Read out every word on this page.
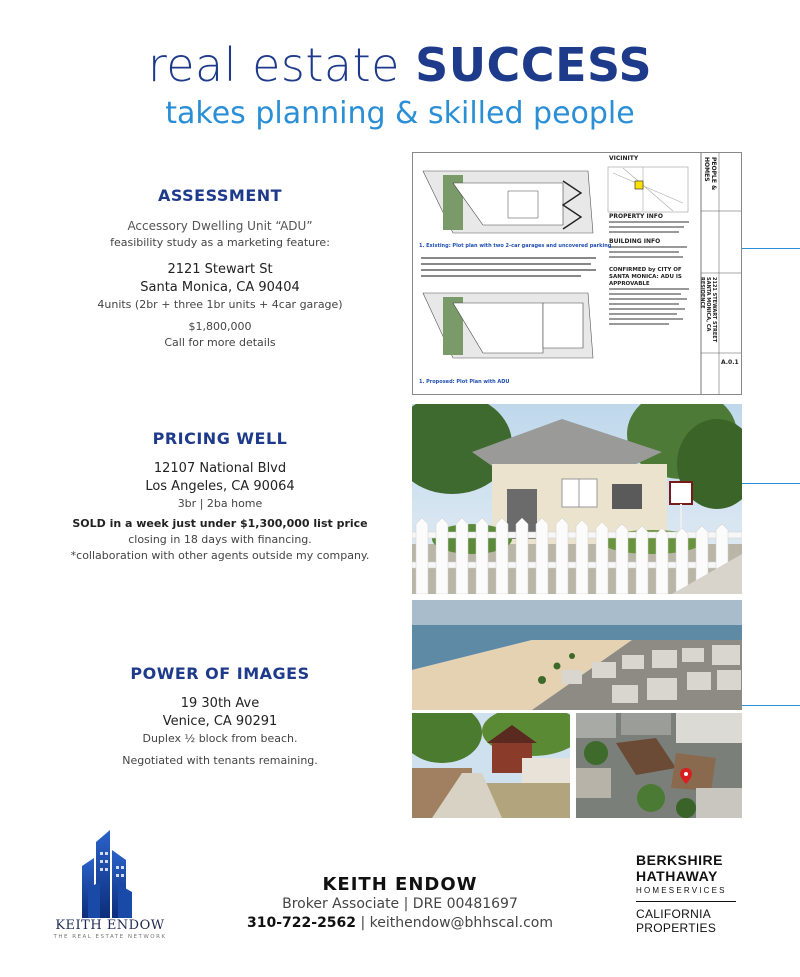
real estate SUCCESS
takes planning & skilled people
ASSESSMENT
Accessory Dwelling Unit “ADU”
feasibility study as a marketing feature:
2121 Stewart St
Santa Monica, CA 90404
4units (2br + three 1br units + 4car garage)
$1,800,000
Call for more details
PRICING WELL
12107 National Blvd
Los Angeles, CA 90064
3br | 2ba home
SOLD in a week just under $1,300,000 list price
closing in 18 days with financing.
*collaboration with other agents outside my company.
POWER OF IMAGES
19 30th Ave
Venice, CA 90291
Duplex ½ block from beach.
Negotiated with tenants remaining.
VICINITY
PROPERTY INFO
BUILDING INFO
CONFIRMED by CITY OF SANTA MONICA: ADU IS APPROVABLE
1. Existing: Plot plan with two 2-car garages and uncovered parking
1. Proposed: Plot Plan with ADU
PEOPLE & HOMES
2121 STEWART STREET SANTA MONICA, CA RESIDENCE
A.0.1
KEITH ENDOW
THE REAL ESTATE NETWORK
KEITH ENDOW
Broker Associate | DRE 00481697
310-722-2562 | keithendow@bhhscal.com
BERKSHIRE
HATHAWAY
HOMESERVICES
CALIFORNIA
PROPERTIES
